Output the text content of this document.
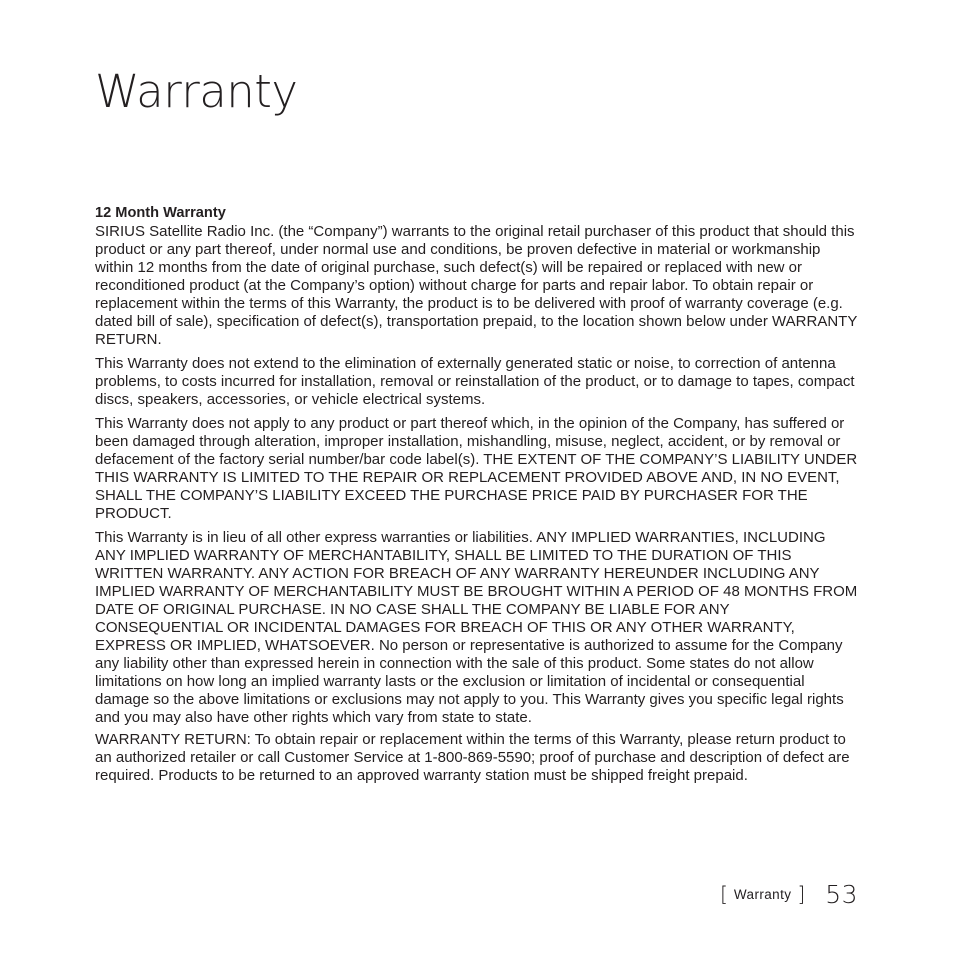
Warranty
12 Month Warranty

SIRIUS Satellite Radio Inc. (the “Company”) warrants to the original retail purchaser of this product that should this product or any part thereof, under normal use and conditions, be proven defective in material or workmanship within 12 months from the date of original purchase, such defect(s) will be repaired or replaced with new or reconditioned product (at the Company’s option) without charge for parts and repair labor. To obtain repair or replacement within the terms of this Warranty, the product is to be delivered with proof of warranty coverage (e.g. dated bill of sale), specification of defect(s), transportation prepaid, to the location shown below under WARRANTY RETURN.

This Warranty does not extend to the elimination of externally generated static or noise, to correction of antenna problems, to costs incurred for installation, removal or reinstallation of the product, or to damage to tapes, compact discs, speakers, accessories, or vehicle electrical systems.

This Warranty does not apply to any product or part thereof which, in the opinion of the Company, has suffered or been damaged through alteration, improper installation, mishandling, misuse, neglect, accident, or by removal or defacement of the factory serial number/bar code label(s). THE EXTENT OF THE COMPANY’S LIABILITY UNDER THIS WARRANTY IS LIMITED TO THE REPAIR OR REPLACEMENT PROVIDED ABOVE AND, IN NO EVENT, SHALL THE COMPANY’S LIABILITY EXCEED THE PURCHASE PRICE PAID BY PURCHASER FOR THE PRODUCT.

This Warranty is in lieu of all other express warranties or liabilities. ANY IMPLIED WARRANTIES, INCLUDING ANY IMPLIED WARRANTY OF MERCHANTABILITY, SHALL BE LIMITED TO THE DURATION OF THIS WRITTEN WARRANTY. ANY ACTION FOR BREACH OF ANY WARRANTY HEREUNDER INCLUDING ANY IMPLIED WARRANTY OF MERCHANTABILITY MUST BE BROUGHT WITHIN A PERIOD OF 48 MONTHS FROM DATE OF ORIGINAL PURCHASE. IN NO CASE SHALL THE COMPANY BE LIABLE FOR ANY CONSEQUENTIAL OR INCIDENTAL DAMAGES FOR BREACH OF THIS OR ANY OTHER WARRANTY, EXPRESS OR IMPLIED, WHATSOEVER. No person or representative is authorized to assume for the Company any liability other than expressed herein in connection with the sale of this product. Some states do not allow limitations on how long an implied warranty lasts or the exclusion or limitation of incidental or consequential damage so the above limitations or exclusions may not apply to you. This Warranty gives you specific legal rights and you may also have other rights which vary from state to state.

WARRANTY RETURN: To obtain repair or replacement within the terms of this Warranty, please return product to an authorized retailer or call Customer Service at 1-800-869-5590; proof of purchase and description of defect are required. Products to be returned to an approved warranty station must be shipped freight prepaid.

[ Warranty ] 53
